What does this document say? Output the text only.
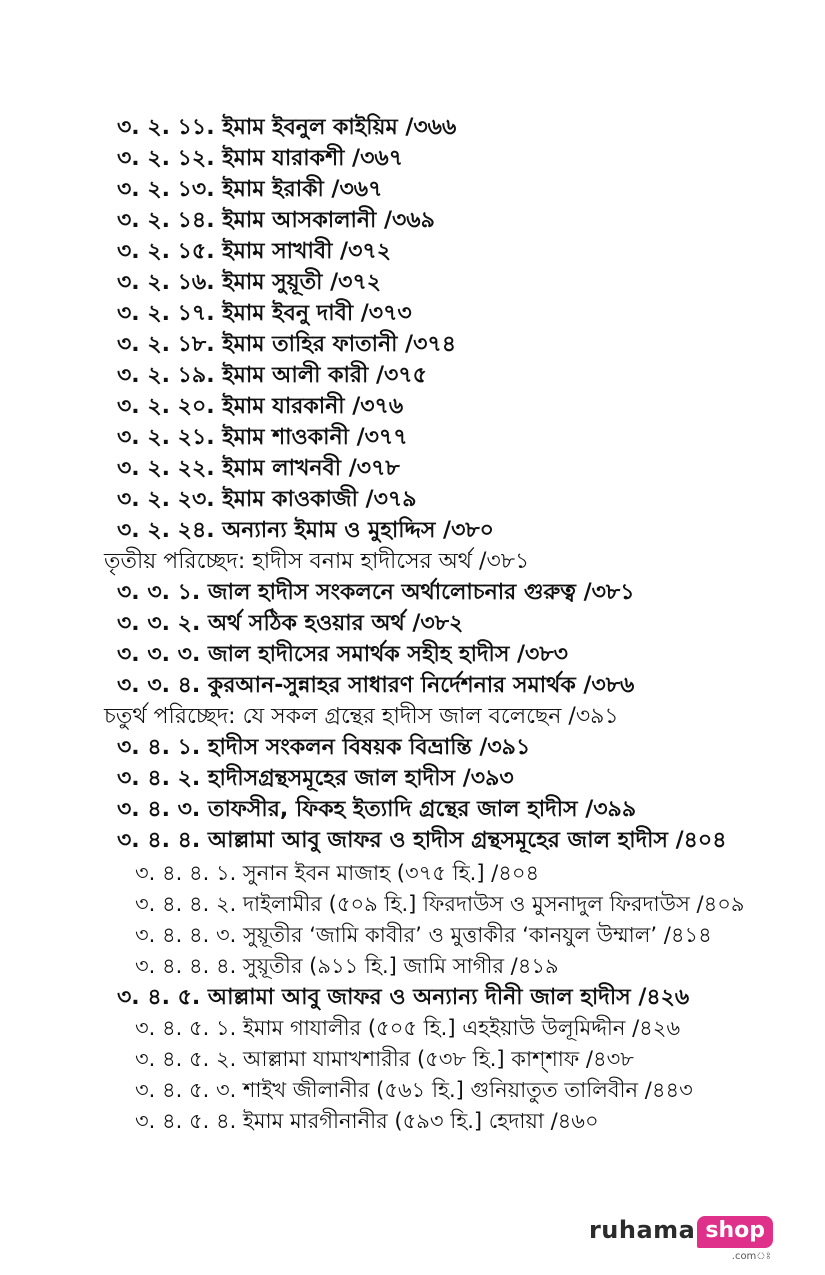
৩. ২. ১১. ইমাম ইবনুল কাইয়িম /৩৬৬
৩. ২. ১২. ইমাম যারাকশী /৩৬৭
৩. ২. ১৩. ইমাম ইরাকী /৩৬৭
৩. ২. ১৪. ইমাম আসকালানী /৩৬৯
৩. ২. ১৫. ইমাম সাখাবী /৩৭২
৩. ২. ১৬. ইমাম সুয়ূতী /৩৭২
৩. ২. ১৭. ইমাম ইবনু দাবী /৩৭৩
৩. ২. ১৮. ইমাম তাহির ফাতানী /৩৭৪
৩. ২. ১৯. ইমাম আলী কারী /৩৭৫
৩. ২. ২০. ইমাম যারকানী /৩৭৬
৩. ২. ২১. ইমাম শাওকানী /৩৭৭
৩. ২. ২২. ইমাম লাখনবী /৩৭৮
৩. ২. ২৩. ইমাম কাওকাজী /৩৭৯
৩. ২. ২৪. অন্যান্য ইমাম ও মুহাদ্দিস /৩৮০
তৃতীয় পরিচ্ছেদ: হাদীস বনাম হাদীসের অর্থ /৩৮১
৩. ৩. ১. জাল হাদীস সংকলনে অর্থালোচনার গুরুত্ব /৩৮১
৩. ৩. ২. অর্থ সঠিক হওয়ার অর্থ /৩৮২
৩. ৩. ৩. জাল হাদীসের সমার্থক সহীহ হাদীস /৩৮৩
৩. ৩. ৪. কুরআন-সুন্নাহর সাধারণ নির্দেশনার সমার্থক /৩৮৬
চতুর্থ পরিচ্ছেদ: যে সকল গ্রন্থের হাদীস জাল বলেছেন /৩৯১
৩. ৪. ১. হাদীস সংকলন বিষয়ক বিভ্রান্তি /৩৯১
৩. ৪. ২. হাদীসগ্রন্থসমূহের জাল হাদীস /৩৯৩
৩. ৪. ৩. তাফসীর, ফিকহ ইত্যাদি গ্রন্থের জাল হাদীস /৩৯৯
৩. ৪. ৪. আল্লামা আবু জাফর ও হাদীস গ্রন্থসমূহের জাল হাদীস /৪০৪
৩. ৪. ৪. ১. সুনান ইবন মাজাহ (৩৭৫ হি.] /৪০৪
৩. ৪. ৪. ২. দাইলামীর (৫০৯ হি.] ফিরদাউস ও মুসনাদুল ফিরদাউস /৪০৯
৩. ৪. ৪. ৩. সুয়ূতীর ‘জামি কাবীর’ ও মুত্তাকীর ‘কানযুল উম্মাল’ /৪১৪
৩. ৪. ৪. ৪. সুয়ূতীর (৯১১ হি.] জামি সাগীর /৪১৯
৩. ৪. ৫. আল্লামা আবু জাফর ও অন্যান্য দীনী জাল হাদীস /৪২৬
৩. ৪. ৫. ১. ইমাম গাযালীর (৫০৫ হি.] এহইয়াউ উলূমিদ্দীন /৪২৬
৩. ৪. ৫. ২. আল্লামা যামাখশারীর (৫৩৮ হি.] কাশ্‌শাফ /৪৩৮
৩. ৪. ৫. ৩. শাইখ জীলানীর (৫৬১ হি.] গুনিয়াতুত তালিবীন /৪৪৩
৩. ৪. ৫. ৪. ইমাম মারগীনানীর (৫৯৩ হি.] হেদায়া /৪৬০
ruhama shop
.comঃ
